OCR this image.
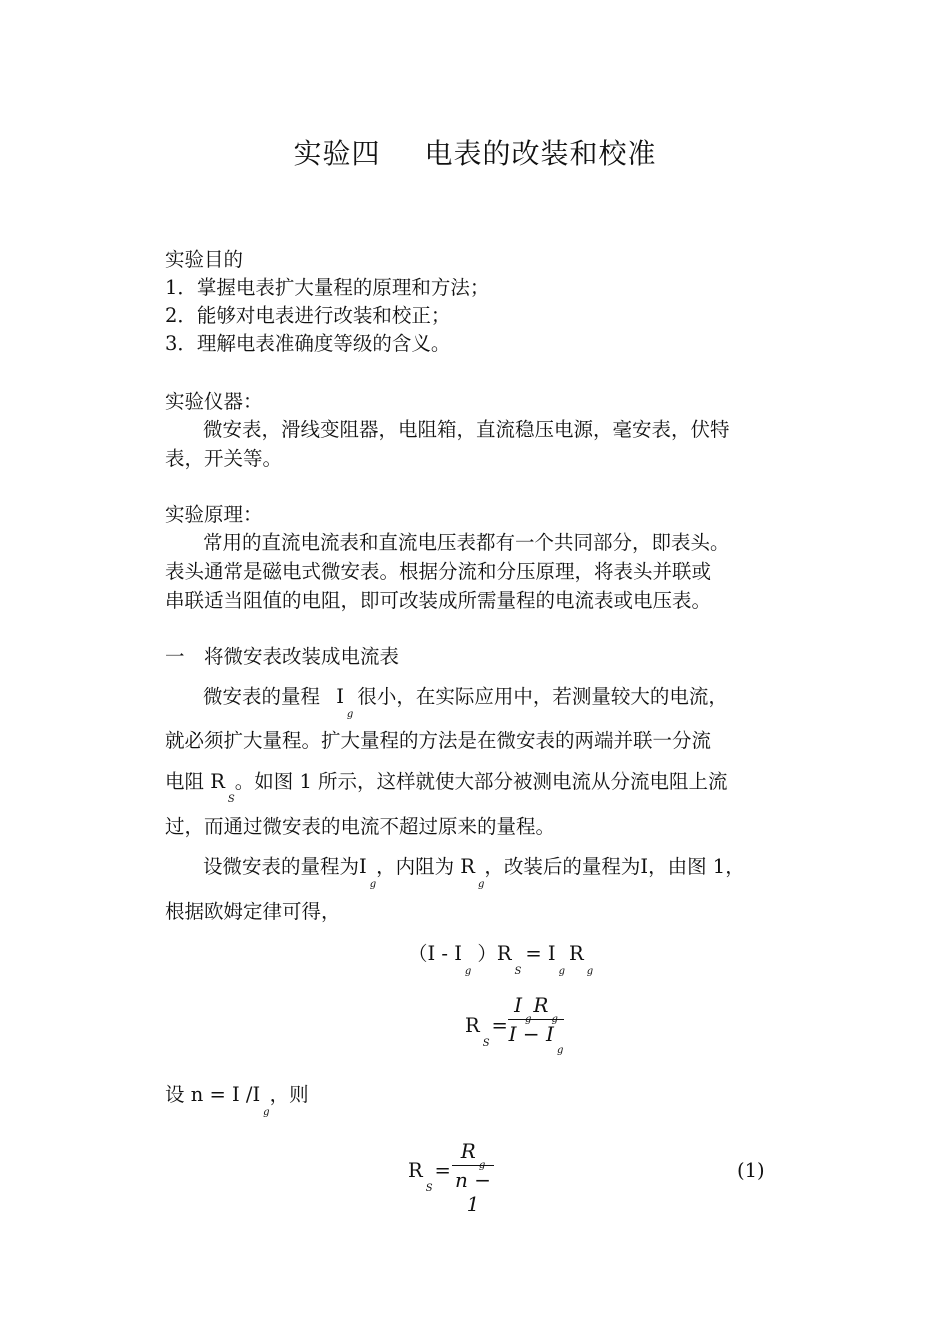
实验四 电表的改装和校准
实验目的
1．掌握电表扩大量程的原理和方法；
2．能够对电表进行改装和校正；
3．理解电表准确度等级的含义。
实验仪器：
微安表，滑线变阻器，电阻箱，直流稳压电源，毫安表，伏特
表，开关等。
实验原理：
常用的直流电流表和直流电压表都有一个共同部分，即表头。
表头通常是磁电式微安表。根据分流和分压原理，将表头并联或
串联适当阻值的电阻，即可改装成所需量程的电流表或电压表。
一　将微安表改装成电流表
微安表的量程 $I_g$很小，在实际应用中，若测量较大的电流，
就必须扩大量程。扩大量程的方法是在微安表的两端并联一分流
电阻 $R_S$。如图 1 所示，这样就使大部分被测电流从分流电阻上流
过，而通过微安表的电流不超过原来的量程。
设微安表的量程为$I_g$，内阻为 $R_g$，改装后的量程为I，由图 1，
根据欧姆定律可得，
$(I - I_g)R_S= I_gR_g$
$R_S=$
$I_gR_g$
$I - I_g$
设 n = I $/I_g$，则
$R_S=$
$R_g$
n − 1
(1)
